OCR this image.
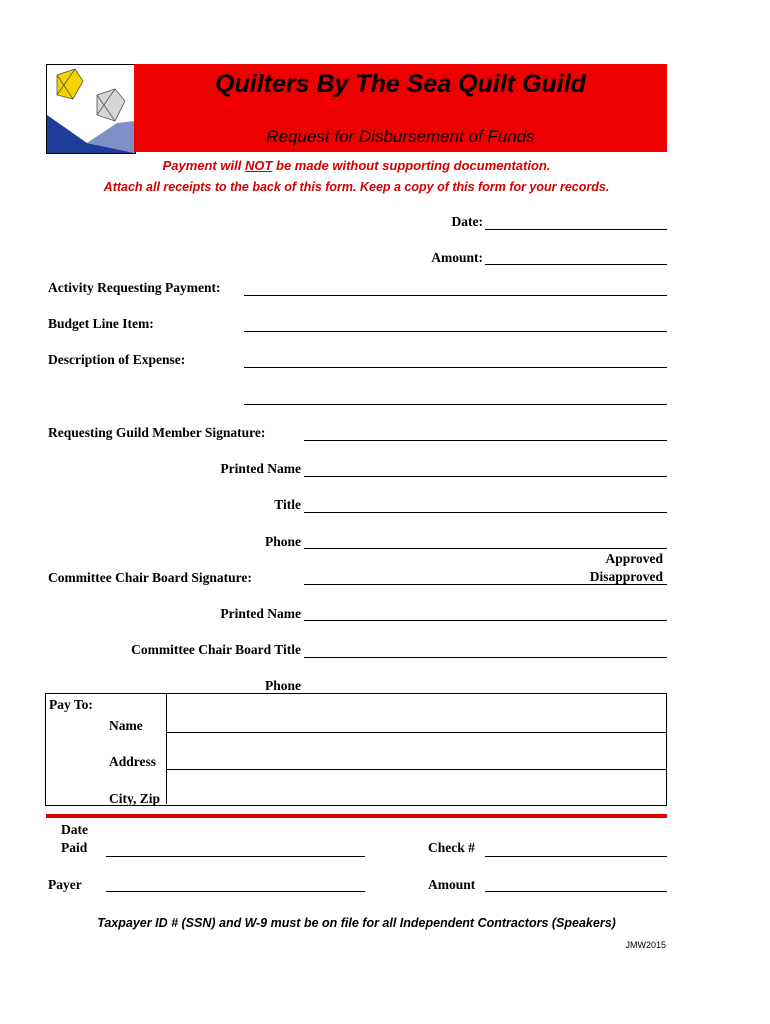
Quilters By The Sea Quilt Guild
Request for Disbursement of Funds
Payment will NOT be made without supporting documentation.
Attach all receipts to the back of this form. Keep a copy of this form for your records.
Date:
Amount:
Activity Requesting Payment:
Budget Line Item:
Description of Expense:
Requesting Guild Member Signature:
Printed Name
Title
Phone
Approved
Disapproved
Committee Chair Board Signature:
Printed Name
Committee Chair Board Title
Phone
Pay To:
Name
Address
City, Zip
Date
Paid	Check #
Payer	Amount
Taxpayer ID # (SSN) and W-9 must be on file for all Independent Contractors (Speakers)
JMW2015
